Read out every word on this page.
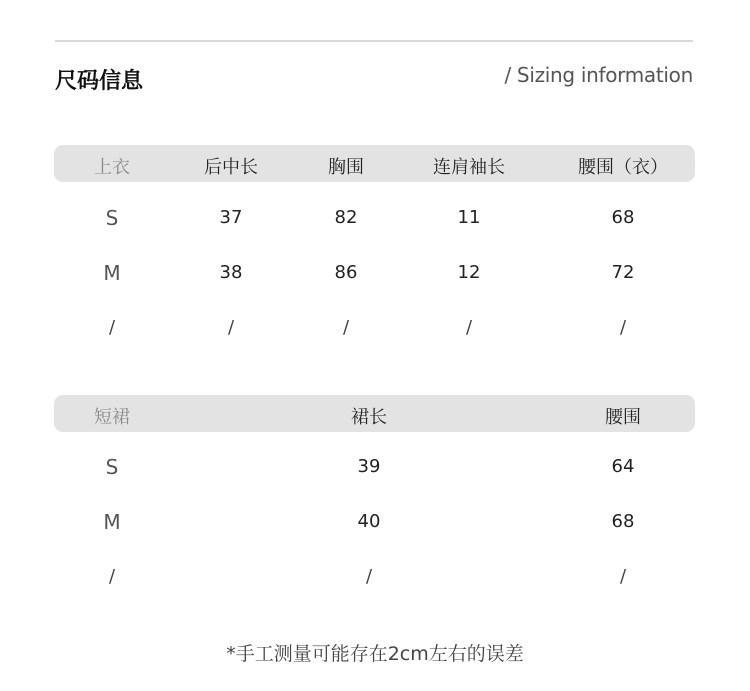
尺码信息	/ Sizing information
上衣	后中长	胸围	连肩袖长	腰围（衣）
S	37	82	11	68
M	38	86	12	72
/	/	/	/	/
短裙	裙长	腰围
S	39	64
M	40	68
/	/	/
*手工测量可能存在2cm左右的误差
